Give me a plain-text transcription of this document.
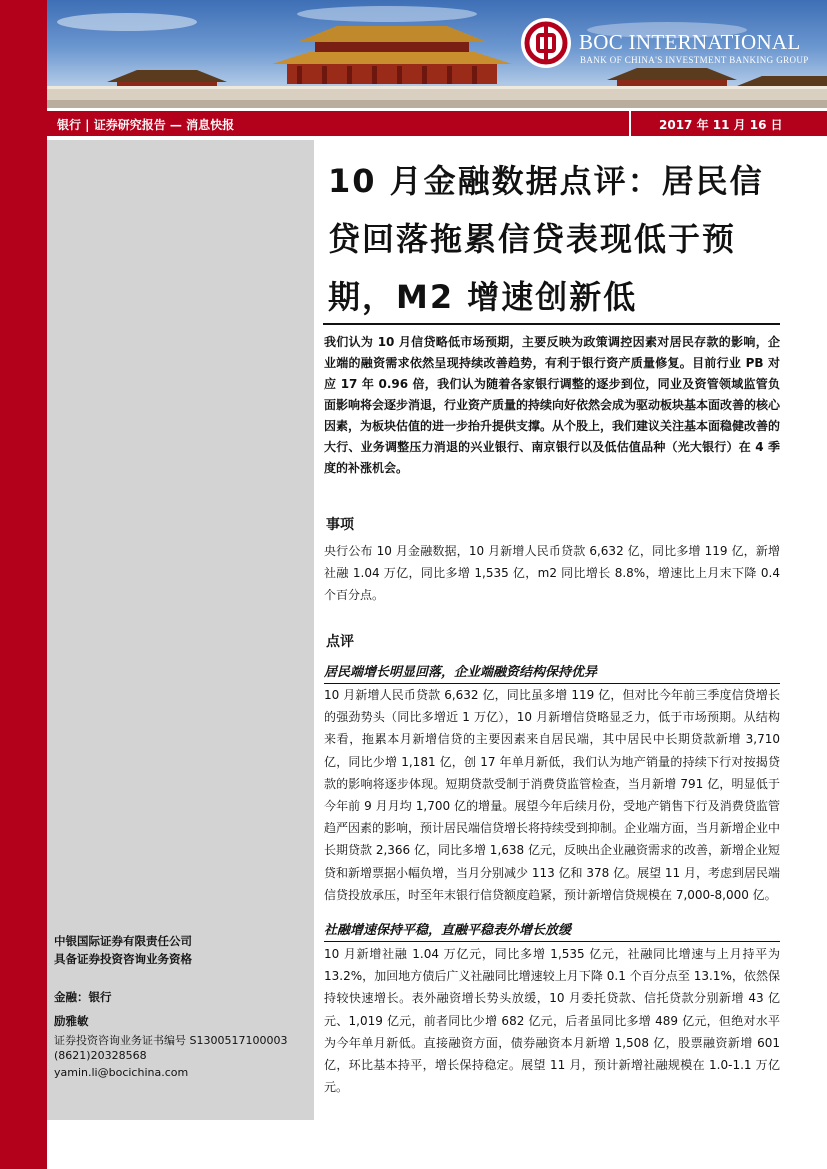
BOC INTERNATIONAL
BANK OF CHINA'S INVESTMENT BANKING GROUP
银行 | 证券研究报告 — 消息快报	2017 年 11 月 16 日
中银国际证券有限责任公司
具备证券投资咨询业务资格
金融：银行
励雅敏
证券投资咨询业务证书编号 S1300517100003
(8621)20328568
yamin.li@bocichina.com
10 月金融数据点评：居民信贷回落拖累信贷表现低于预期，M2 增速创新低
我们认为 10 月信贷略低市场预期，主要反映为政策调控因素对居民存款的影响，企业端的融资需求依然呈现持续改善趋势，有利于银行资产质量修复。目前行业 PB 对应 17 年 0.96 倍，我们认为随着各家银行调整的逐步到位，同业及资管领域监管负面影响将会逐步消退，行业资产质量的持续向好依然会成为驱动板块基本面改善的核心因素，为板块估值的进一步抬升提供支撑。从个股上，我们建议关注基本面稳健改善的大行、业务调整压力消退的兴业银行、南京银行以及低估值品种（光大银行）在 4 季度的补涨机会。
事项
央行公布 10 月金融数据，10 月新增人民币贷款 6,632 亿，同比多增 119 亿，新增社融 1.04 万亿，同比多增 1,535 亿，m2 同比增长 8.8%，增速比上月末下降 0.4 个百分点。
点评
居民端增长明显回落，企业端融资结构保持优异
10 月新增人民币贷款 6,632 亿，同比虽多增 119 亿，但对比今年前三季度信贷增长的强劲势头（同比多增近 1 万亿），10 月新增信贷略显乏力，低于市场预期。从结构来看，拖累本月新增信贷的主要因素来自居民端，其中居民中长期贷款新增 3,710 亿，同比少增 1,181 亿，创 17 年单月新低，我们认为地产销量的持续下行对按揭贷款的影响将逐步体现。短期贷款受制于消费贷监管检查，当月新增 791 亿，明显低于今年前 9 月月均 1,700 亿的增量。展望今年后续月份，受地产销售下行及消费贷监管趋严因素的影响，预计居民端信贷增长将持续受到抑制。企业端方面，当月新增企业中长期贷款 2,366 亿，同比多增 1,638 亿元，反映出企业融资需求的改善，新增企业短贷和新增票据小幅负增，当月分别减少 113 亿和 378 亿。展望 11 月，考虑到居民端信贷投放承压，时至年末银行信贷额度趋紧，预计新增信贷规模在 7,000-8,000 亿。
社融增速保持平稳，直融平稳表外增长放缓
10 月新增社融 1.04 万亿元，同比多增 1,535 亿元，社融同比增速与上月持平为 13.2%，加回地方债后广义社融同比增速较上月下降 0.1 个百分点至 13.1%，依然保持较快速增长。表外融资增长势头放缓，10 月委托贷款、信托贷款分别新增 43 亿元、1,019 亿元，前者同比少增 682 亿元，后者虽同比多增 489 亿元，但绝对水平为今年单月新低。直接融资方面，债券融资本月新增 1,508 亿，股票融资新增 601 亿，环比基本持平，增长保持稳定。展望 11 月，预计新增社融规模在 1.0-1.1 万亿元。
